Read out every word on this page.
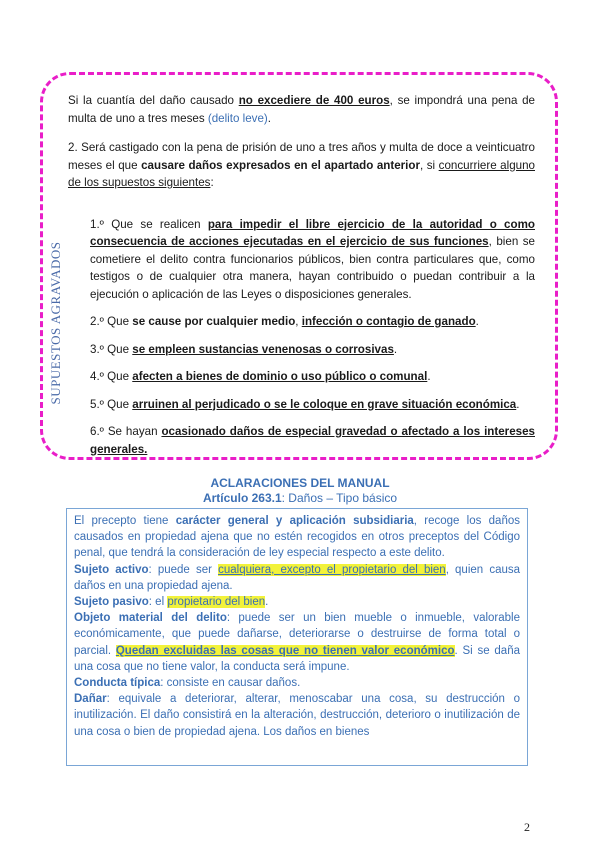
SUPUESTOS AGRAVADOS

Si la cuantía del daño causado no excediere de 400 euros, se impondrá una pena de multa de uno a tres meses (delito leve).

2. Será castigado con la pena de prisión de uno a tres años y multa de doce a veinticuatro meses el que causare daños expresados en el apartado anterior, si concurriere alguno de los supuestos siguientes:

1.º Que se realicen para impedir el libre ejercicio de la autoridad o como consecuencia de acciones ejecutadas en el ejercicio de sus funciones, bien se cometiere el delito contra funcionarios públicos, bien contra particulares que, como testigos o de cualquier otra manera, hayan contribuido o puedan contribuir a la ejecución o aplicación de las Leyes o disposiciones generales.

2.º Que se cause por cualquier medio, infección o contagio de ganado.

3.º Que se empleen sustancias venenosas o corrosivas.

4.º Que afecten a bienes de dominio o uso público o comunal.

5.º Que arruinen al perjudicado o se le coloque en grave situación económica.

6.º Se hayan ocasionado daños de especial gravedad o afectado a los intereses generales.

ACLARACIONES DEL MANUAL
Artículo 263.1: Daños – Tipo básico

El precepto tiene carácter general y aplicación subsidiaria, recoge los daños causados en propiedad ajena que no estén recogidos en otros preceptos del Código penal, que tendrá la consideración de ley especial respecto a este delito.

Sujeto activo: puede ser cualquiera, excepto el propietario del bien, quien causa daños en una propiedad ajena.

Sujeto pasivo: el propietario del bien.

Objeto material del delito: puede ser un bien mueble o inmueble, valorable económicamente, que puede dañarse, deteriorarse o destruirse de forma total o parcial. Quedan excluidas las cosas que no tienen valor económico. Si se daña una cosa que no tiene valor, la conducta será impune.

Conducta típica: consiste en causar daños.

Dañar: equivale a deteriorar, alterar, menoscabar una cosa, su destrucción o inutilización. El daño consistirá en la alteración, destrucción, deterioro o inutilización de una cosa o bien de propiedad ajena. Los daños en bienes

2
